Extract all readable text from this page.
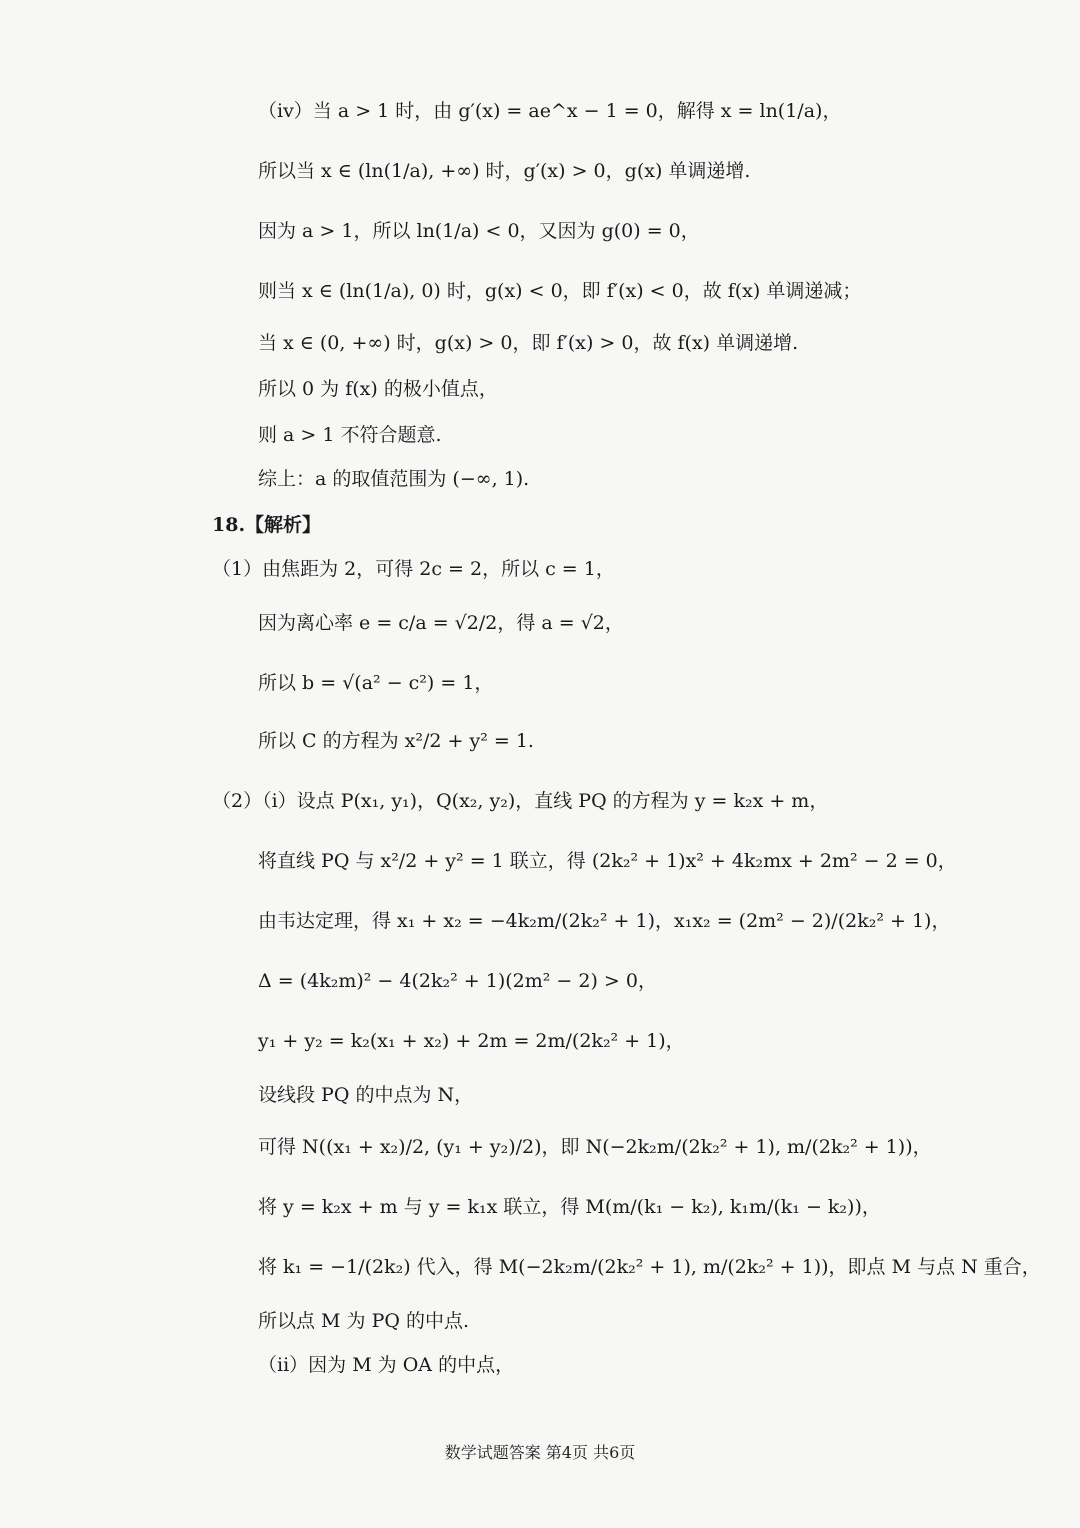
（iv）当 a > 1 时，由 g′(x) = ae^x − 1 = 0，解得 x = ln(1/a)，
所以当 x ∈ (ln(1/a), +∞) 时，g′(x) > 0，g(x) 单调递增.
因为 a > 1，所以 ln(1/a) < 0，又因为 g(0) = 0，
则当 x ∈ (ln(1/a), 0) 时，g(x) < 0，即 f′(x) < 0，故 f(x) 单调递减；
当 x ∈ (0, +∞) 时，g(x) > 0，即 f′(x) > 0，故 f(x) 单调递增.
所以 0 为 f(x) 的极小值点，
则 a > 1 不符合题意.
综上：a 的取值范围为 (−∞, 1).
18.【解析】
（1）由焦距为 2，可得 2c = 2，所以 c = 1，
因为离心率 e = c/a = √2/2，得 a = √2，
所以 b = √(a² − c²) = 1，
所以 C 的方程为 x²/2 + y² = 1.
（2）（i）设点 P(x₁, y₁)，Q(x₂, y₂)，直线 PQ 的方程为 y = k₂x + m，
将直线 PQ 与 x²/2 + y² = 1 联立，得 (2k₂² + 1)x² + 4k₂mx + 2m² − 2 = 0，
由韦达定理，得 x₁ + x₂ = −4k₂m/(2k₂² + 1)，x₁x₂ = (2m² − 2)/(2k₂² + 1)，
Δ = (4k₂m)² − 4(2k₂² + 1)(2m² − 2) > 0，
y₁ + y₂ = k₂(x₁ + x₂) + 2m = 2m/(2k₂² + 1)，
设线段 PQ 的中点为 N，
可得 N((x₁ + x₂)/2, (y₁ + y₂)/2)，即 N(−2k₂m/(2k₂² + 1), m/(2k₂² + 1))，
将 y = k₂x + m 与 y = k₁x 联立，得 M(m/(k₁ − k₂), k₁m/(k₁ − k₂))，
将 k₁ = −1/(2k₂) 代入，得 M(−2k₂m/(2k₂² + 1), m/(2k₂² + 1))，即点 M 与点 N 重合，
所以点 M 为 PQ 的中点.
（ii）因为 M 为 OA 的中点，
数学试题答案 第4页 共6页
